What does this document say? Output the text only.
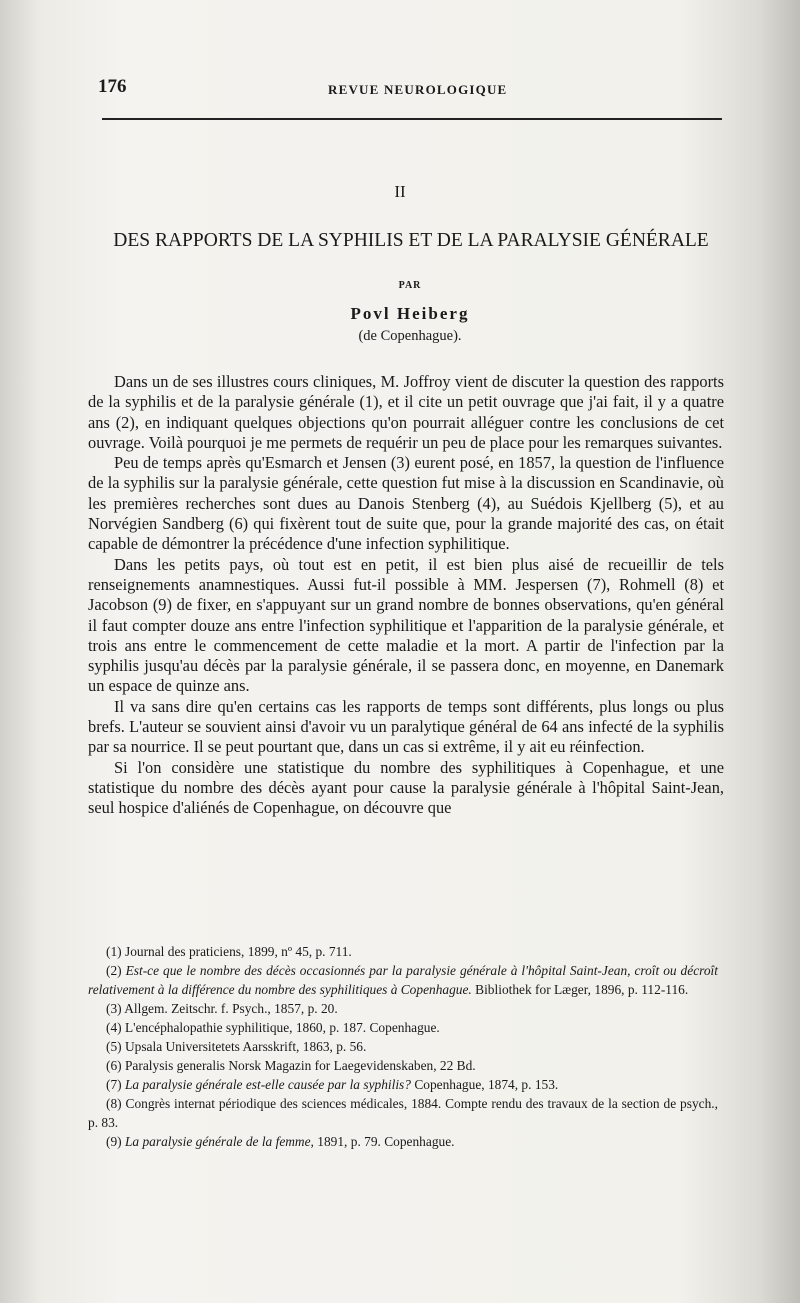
176	REVUE NEUROLOGIQUE
II
DES RAPPORTS DE LA SYPHILIS ET DE LA PARALYSIE GÉNÉRALE
PAR
Povl Heiberg
(de Copenhague).

Dans un de ses illustres cours cliniques, M. Joffroy vient de discuter la question des rapports de la syphilis et de la paralysie générale (1), et il cite un petit ouvrage que j'ai fait, il y a quatre ans (2), en indiquant quelques objections qu'on pourrait alléguer contre les conclusions de cet ouvrage. Voilà pourquoi je me permets de requérir un peu de place pour les remarques suivantes.

Peu de temps après qu'Esmarch et Jensen (3) eurent posé, en 1857, la question de l'influence de la syphilis sur la paralysie générale, cette question fut mise à la discussion en Scandinavie, où les premières recherches sont dues au Danois Stenberg (4), au Suédois Kjellberg (5), et au Norvégien Sandberg (6) qui fixèrent tout de suite que, pour la grande majorité des cas, on était capable de démontrer la précédence d'une infection syphilitique.

Dans les petits pays, où tout est en petit, il est bien plus aisé de recueillir de tels renseignements anamnestiques. Aussi fut-il possible à MM. Jespersen (7), Rohmell (8) et Jacobson (9) de fixer, en s'appuyant sur un grand nombre de bonnes observations, qu'en général il faut compter douze ans entre l'infection syphilitique et l'apparition de la paralysie générale, et trois ans entre le commencement de cette maladie et la mort. A partir de l'infection par la syphilis jusqu'au décès par la paralysie générale, il se passera donc, en moyenne, en Danemark un espace de quinze ans.

Il va sans dire qu'en certains cas les rapports de temps sont différents, plus longs ou plus brefs. L'auteur se souvient ainsi d'avoir vu un paralytique général de 64 ans infecté de la syphilis par sa nourrice. Il se peut pourtant que, dans un cas si extrême, il y ait eu réinfection.

Si l'on considère une statistique du nombre des syphilitiques à Copenhague, et une statistique du nombre des décès ayant pour cause la paralysie générale à l'hôpital Saint-Jean, seul hospice d'aliénés de Copenhague, on découvre que

(1) Journal des praticiens, 1899, nº 45, p. 711.

(2) Est-ce que le nombre des décès occasionnés par la paralysie générale à l'hôpital Saint-Jean, croît ou décroît relativement à la différence du nombre des syphilitiques à Copenhague. Bibliothek for Læger, 1896, p. 112-116.

(3) Allgem. Zeitschr. f. Psych., 1857, p. 20.

(4) L'encéphalopathie syphilitique, 1860, p. 187. Copenhague.

(5) Upsala Universitetets Aarsskrift, 1863, p. 56.

(6) Paralysis generalis Norsk Magazin for Laegevidenskaben, 22 Bd.

(7) La paralysie générale est-elle causée par la syphilis? Copenhague, 1874, p. 153.

(8) Congrès internat périodique des sciences médicales, 1884. Compte rendu des travaux de la section de psych., p. 83.

(9) La paralysie générale de la femme, 1891, p. 79. Copenhague.
